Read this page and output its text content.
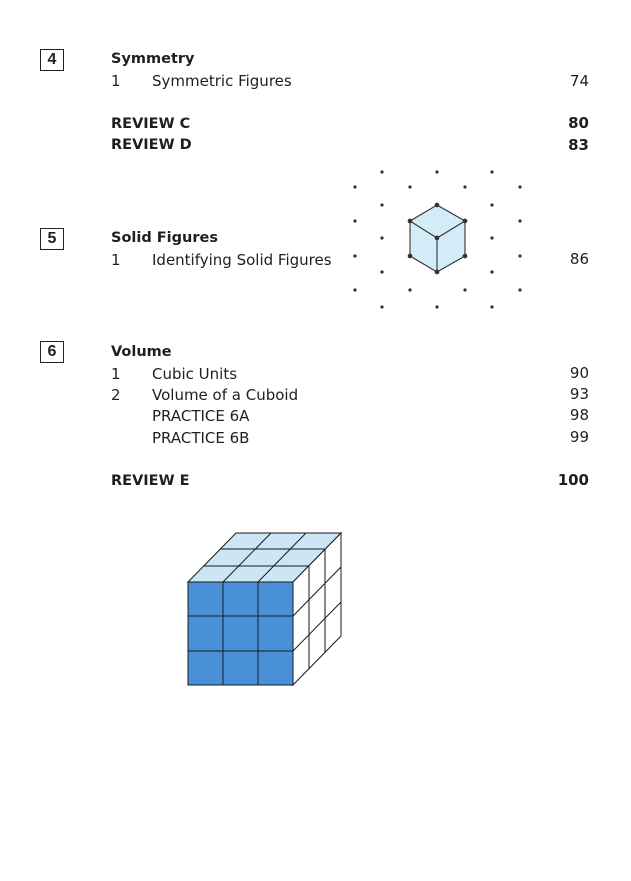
4	Symmetry
1 Symmetric Figures	74
REVIEW C	80
REVIEW D	83
5	Solid Figures
1 Identifying Solid Figures	86
6	Volume
1 Cubic Units	90
2 Volume of a Cuboid	93
PRACTICE 6A	98
PRACTICE 6B	99
REVIEW E	100
